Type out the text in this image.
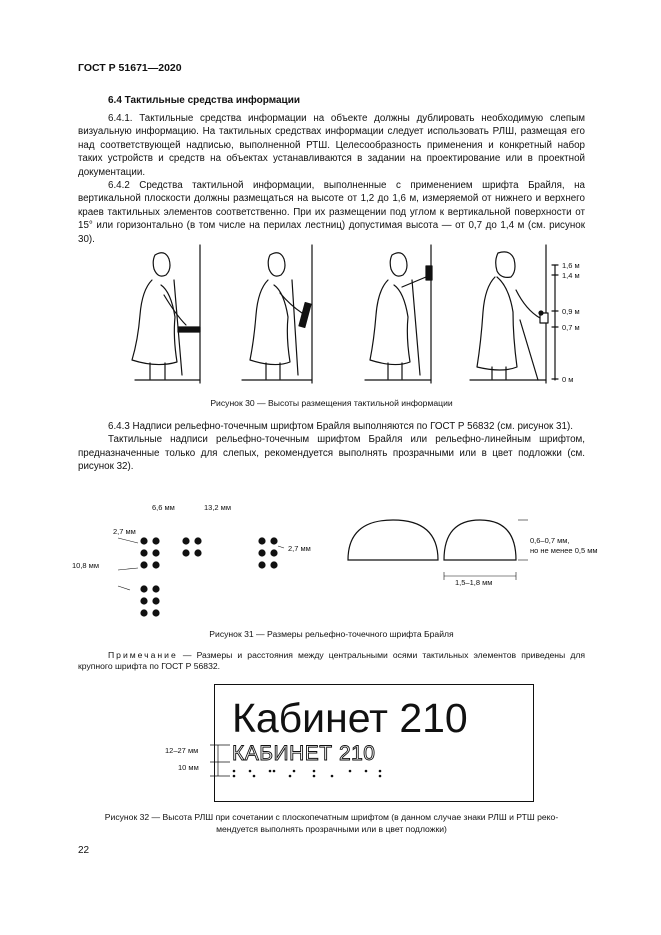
ГОСТ Р 51671—2020
6.4 Тактильные средства информации

6.4.1. Тактильные средства информации на объекте должны дублировать необходимую слепым визуальную информацию. На тактильных средствах информации следует использовать РЛШ, размещая его над соответствующей надписью, выполненной РТШ. Целесообразность применения и конкретный набор таких устройств и средств на объектах устанавливаются в задании на проектирование или в проектной документации.

6.4.2 Средства тактильной информации, выполненные с применением шрифта Брайля, на вертикальной плоскости должны размещаться на высоте от 1,2 до 1,6 м, измеряемой от нижнего и верхнего краев тактильных элементов соответственно. При их размещении под углом к вертикальной поверхности от 15° или горизонтально (в том числе на перилах лестниц) допустимая высота — от 0,7 до 1,4 м (см. рисунок 30).

1,6 м
1,4 м
0,9 м
0,7 м
0 м
Рисунок 30 — Высоты размещения тактильной информации

6.4.3 Надписи рельефно-точечным шрифтом Брайля выполняются по ГОСТ Р 56832 (см. рисунок 31).

Тактильные надписи рельефно-точечным шрифтом Брайля или рельефно-линейным шрифтом, предназначенные только для слепых, рекомендуется выполнять прозрачными или в цвет подложки (см. рисунок 32).

6,6 мм	13,2 мм
2,7 мм
2,7 мм
10,8 мм
0,6–0,7 мм,
но не менее 0,5 мм
1,5–1,8 мм
Рисунок 31 — Размеры рельефно-точечного шрифта Брайля
Примечание — Размеры и расстояния между центральными осями тактильных элементов приведены для крупного шрифта по ГОСТ Р 56832.
Кабинет 210
КАБИНЕТ 210
12–27 мм
10 мм
Рисунок 32 — Высота РЛШ при сочетании с плоскопечатным шрифтом (в данном случае знаки РЛШ и РТШ реко-
мендуется выполнять прозрачными или в цвет подложки)
22
